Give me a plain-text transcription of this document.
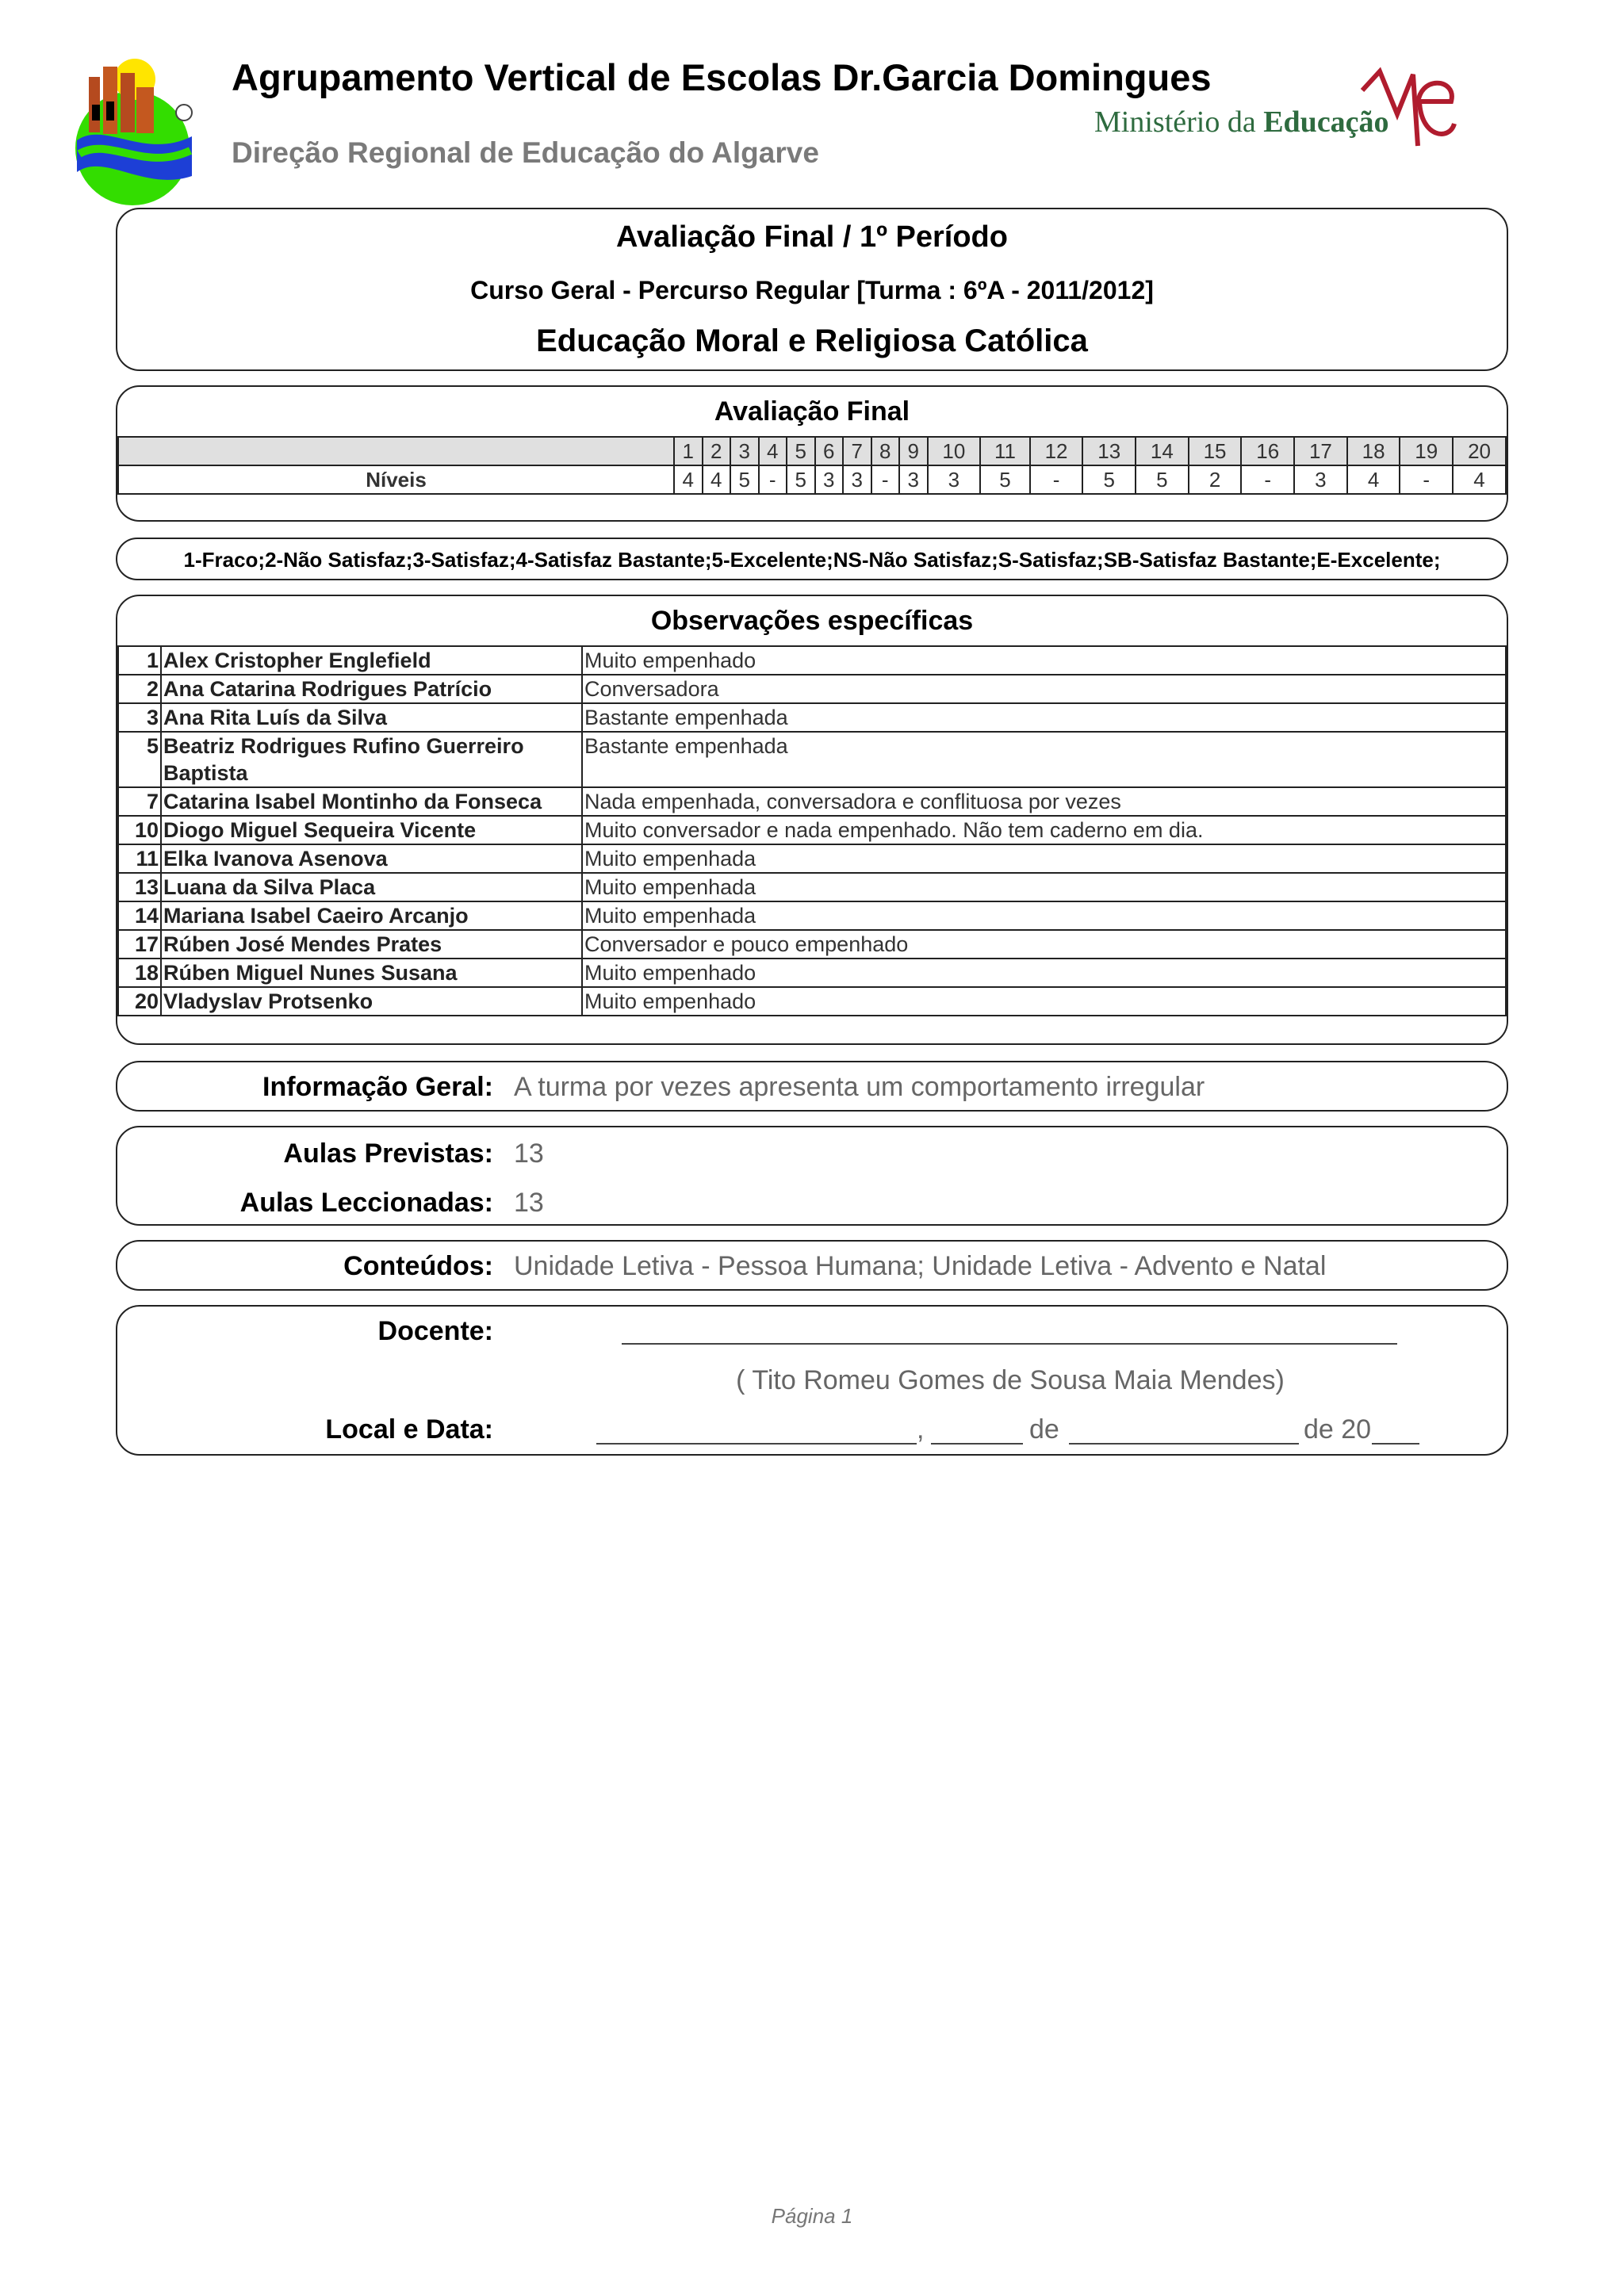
Agrupamento Vertical de Escolas Dr.Garcia Domingues
Direção Regional de Educação do Algarve
Ministério da Educação
Avaliação Final / 1º Período
Curso Geral - Percurso Regular [Turma : 6ºA - 2011/2012]
Educação Moral e Religiosa Católica
Avaliação Final
	1	2	3	4	5	6	7	8	9	10	11	12	13	14	15	16	17	18	19	20
Níveis	4	4	5	-	5	3	3	-	3	3	5	-	5	5	2	-	3	4	-	4
1-Fraco;2-Não Satisfaz;3-Satisfaz;4-Satisfaz Bastante;5-Excelente;NS-Não Satisfaz;S-Satisfaz;SB-Satisfaz Bastante;E-Excelente;
Observações específicas
1	Alex Cristopher Englefield	Muito empenhado
2	Ana Catarina Rodrigues Patrício	Conversadora
3	Ana Rita Luís da Silva	Bastante empenhada
5	Beatriz Rodrigues Rufino Guerreiro Baptista	Bastante empenhada
7	Catarina Isabel Montinho da Fonseca	Nada empenhada, conversadora e conflituosa por vezes
10	Diogo Miguel Sequeira Vicente	Muito conversador e nada empenhado. Não tem caderno em dia.
11	Elka Ivanova Asenova	Muito empenhada
13	Luana da Silva Placa	Muito empenhada
14	Mariana Isabel Caeiro Arcanjo	Muito empenhada
17	Rúben José Mendes Prates	Conversador e pouco empenhado
18	Rúben Miguel Nunes Susana	Muito empenhado
20	Vladyslav Protsenko	Muito empenhado
Informação Geral: A turma por vezes apresenta um comportamento irregular
Aulas Previstas: 13
Aulas Leccionadas: 13
Conteúdos: Unidade Letiva - Pessoa Humana; Unidade Letiva - Advento e Natal
Docente:
( Tito Romeu Gomes de Sousa Maia Mendes)
Local e Data:	,	de	de 20
Página 1
